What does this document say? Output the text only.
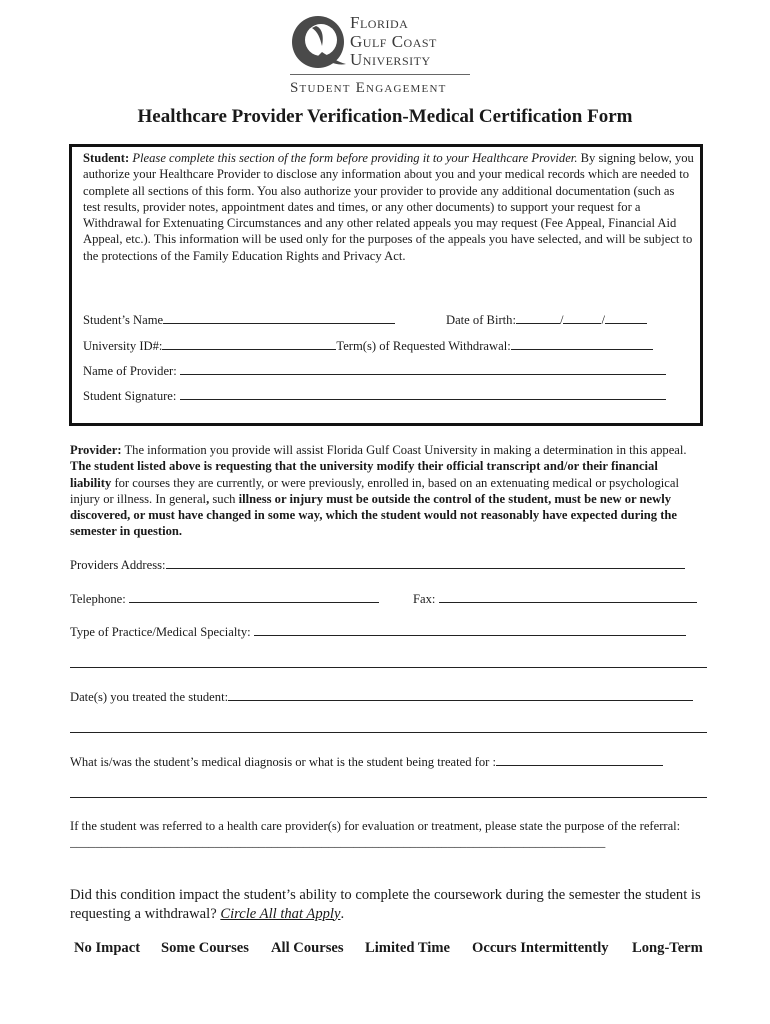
Florida
Gulf Coast
University
Student Engagement
Healthcare Provider Verification-Medical Certification Form
Student: Please complete this section of the form before providing it to your Healthcare Provider. By signing below, you authorize your Healthcare Provider to disclose any information about you and your medical records which are needed to complete all sections of this form. You also authorize your provider to provide any additional documentation (such as test results, provider notes, appointment dates and times, or any other documents) to support your request for a Withdrawal for Extenuating Circumstances and any other related appeals you may request (Fee Appeal, Financial Aid Appeal, etc.). This information will be used only for the purposes of the appeals you have selected, and will be subject to the protections of the Family Education Rights and Privacy Act.
Student’s Name	Date of Birth:	/	/
University ID#:	Term(s) of Requested Withdrawal:
Name of Provider:
Student Signature:
Provider: The information you provide will assist Florida Gulf Coast University in making a determination in this appeal. The student listed above is requesting that the university modify their official transcript and/or their financial liability for courses they are currently, or were previously, enrolled in, based on an extenuating medical or psychological injury or illness. In general, such illness or injury must be outside the control of the student, must be new or newly discovered, or must have changed in some way, which the student would not reasonably have expected during the semester in question.
Providers Address:
Telephone:	Fax:
Type of Practice/Medical Specialty:
Date(s) you treated the student:
What is/was the student’s medical diagnosis or what is the student being treated for :
If the student was referred to a health care provider(s) for evaluation or treatment, please state the purpose of the referral:
_____________________________________________________________________________________
Did this condition impact the student’s ability to complete the coursework during the semester the student is requesting a withdrawal? Circle All that Apply.
No Impact Some Courses All Courses Limited Time Occurs Intermittently Long-Term
